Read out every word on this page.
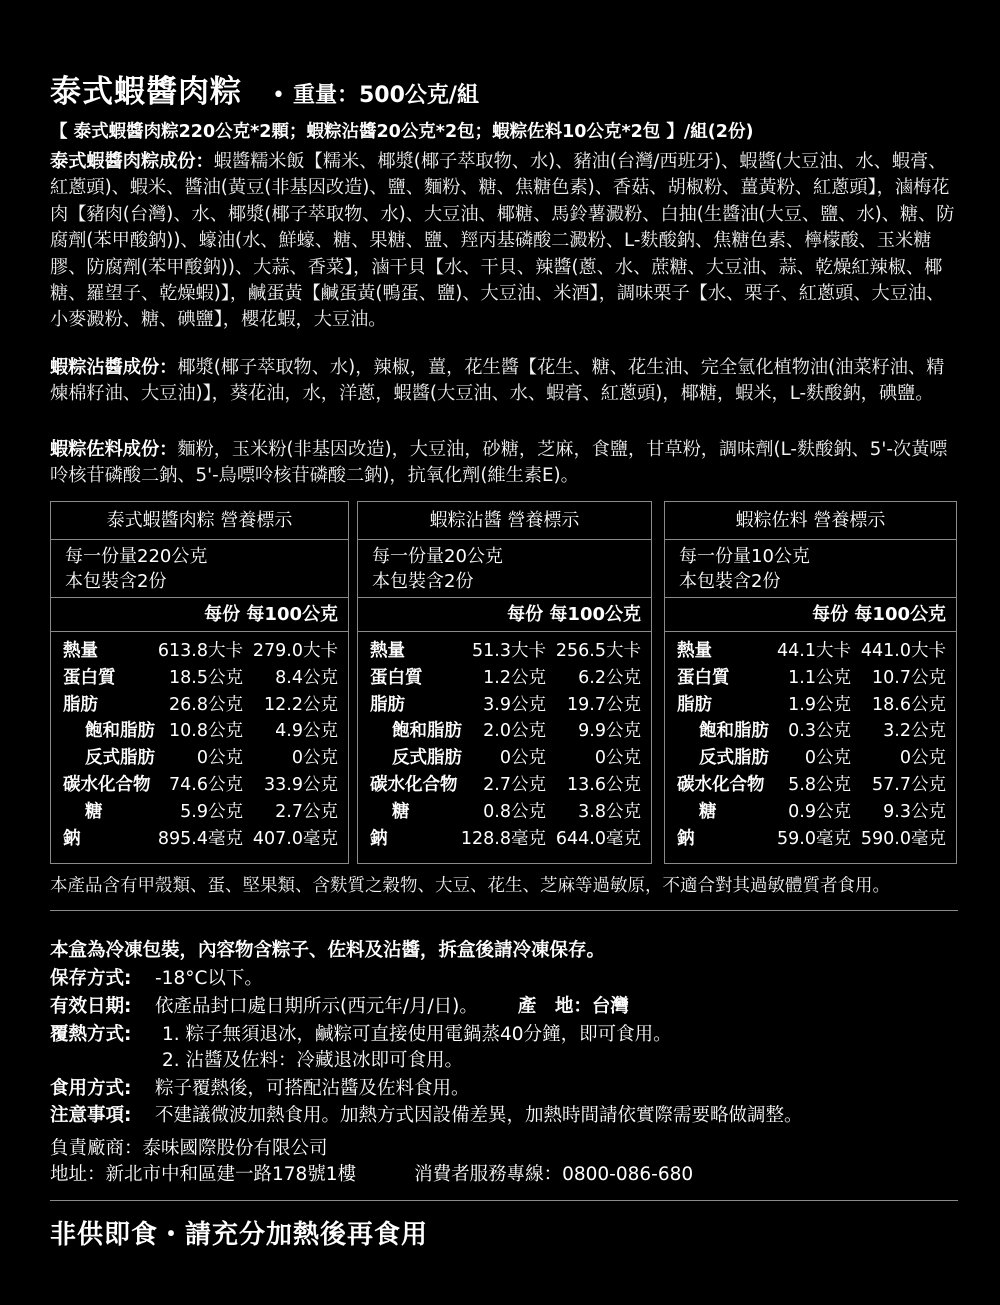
泰式蝦醬肉粽 • 重量：500公克/組
【 泰式蝦醬肉粽220公克*2顆；蝦粽沾醬20公克*2包；蝦粽佐料10公克*2包 】/組(2份)
泰式蝦醬肉粽成份：蝦醬糯米飯【糯米、椰漿(椰子萃取物、水)、豬油(台灣/西班牙)、蝦醬(大豆油、水、蝦膏、紅蔥頭)、蝦米、醬油(黃豆(非基因改造)、鹽、麵粉、糖、焦糖色素)、香菇、胡椒粉、薑黃粉、紅蔥頭】，滷梅花肉【豬肉(台灣)、水、椰漿(椰子萃取物、水)、大豆油、椰糖、馬鈴薯澱粉、白抽(生醬油(大豆、鹽、水)、糖、防腐劑(苯甲酸鈉))、蠔油(水、鮮蠔、糖、果糖、鹽、羥丙基磷酸二澱粉、L-麩酸鈉、焦糖色素、檸檬酸、玉米糖膠、防腐劑(苯甲酸鈉))、大蒜、香菜】，滷干貝【水、干貝、辣醬(蔥、水、蔗糖、大豆油、蒜、乾燥紅辣椒、椰糖、羅望子、乾燥蝦)】，鹹蛋黃【鹹蛋黃(鴨蛋、鹽)、大豆油、米酒】，調味栗子【水、栗子、紅蔥頭、大豆油、小麥澱粉、糖、碘鹽】，櫻花蝦，大豆油。
蝦粽沾醬成份：椰漿(椰子萃取物、水)，辣椒，薑，花生醬【花生、糖、花生油、完全氫化植物油(油菜籽油、精煉棉籽油、大豆油)】，葵花油，水，洋蔥，蝦醬(大豆油、水、蝦膏、紅蔥頭)，椰糖，蝦米，L-麩酸鈉，碘鹽。
蝦粽佐料成份：麵粉，玉米粉(非基因改造)，大豆油，砂糖，芝麻，食鹽，甘草粉，調味劑(L-麩酸鈉、5'-次黃嘌呤核苷磷酸二鈉、5'-鳥嘌呤核苷磷酸二鈉)，抗氧化劑(維生素E)。
泰式蝦醬肉粽 營養標示
每一份量220公克
本包裝含2份
每份 每100公克
熱量	613.8大卡 279.0大卡
蛋白質	18.5公克 8.4公克
脂肪	26.8公克 12.2公克
飽和脂肪 10.8公克 4.9公克
反式脂肪 0公克	0公克
碳水化合物 74.6公克 33.9公克
糖	5.9公克 2.7公克
鈉	895.4毫克 407.0毫克
蝦粽沾醬 營養標示
每一份量20公克
本包裝含2份
每份 每100公克
熱量	51.3大卡 256.5大卡
蛋白質	1.2公克 6.2公克
脂肪	3.9公克 19.7公克
飽和脂肪 2.0公克 9.9公克
反式脂肪 0公克	0公克
碳水化合物 2.7公克 13.6公克
糖	0.8公克 3.8公克
鈉	128.8毫克 644.0毫克
蝦粽佐料 營養標示
每一份量10公克
本包裝含2份
每份 每100公克
熱量	44.1大卡 441.0大卡
蛋白質	1.1公克 10.7公克
脂肪	1.9公克 18.6公克
飽和脂肪 0.3公克 3.2公克
反式脂肪 0公克	0公克
碳水化合物 5.8公克 57.7公克
糖	0.9公克 9.3公克
鈉	59.0毫克 590.0毫克
本產品含有甲殼類、蛋、堅果類、含麩質之穀物、大豆、花生、芝麻等過敏原，不適合對其過敏體質者食用。
本盒為冷凍包裝，內容物含粽子、佐料及沾醬，拆盒後請冷凍保存。
保存方式: -18°C以下。
有效日期: 依產品封口處日期所示(西元年/月/日)。 產　地：台灣
覆熱方式:	1. 粽子無須退冰，鹹粽可直接使用電鍋蒸40分鐘，即可食用。
2. 沾醬及佐料：冷藏退冰即可食用。
食用方式: 粽子覆熱後，可搭配沾醬及佐料食用。
注意事項: 不建議微波加熱食用。加熱方式因設備差異，加熱時間請依實際需要略做調整。
負責廠商：泰味國際股份有限公司
地址：新北市中和區建一路178號1樓	消費者服務專線：0800-086-680
非供即食・請充分加熱後再食用
